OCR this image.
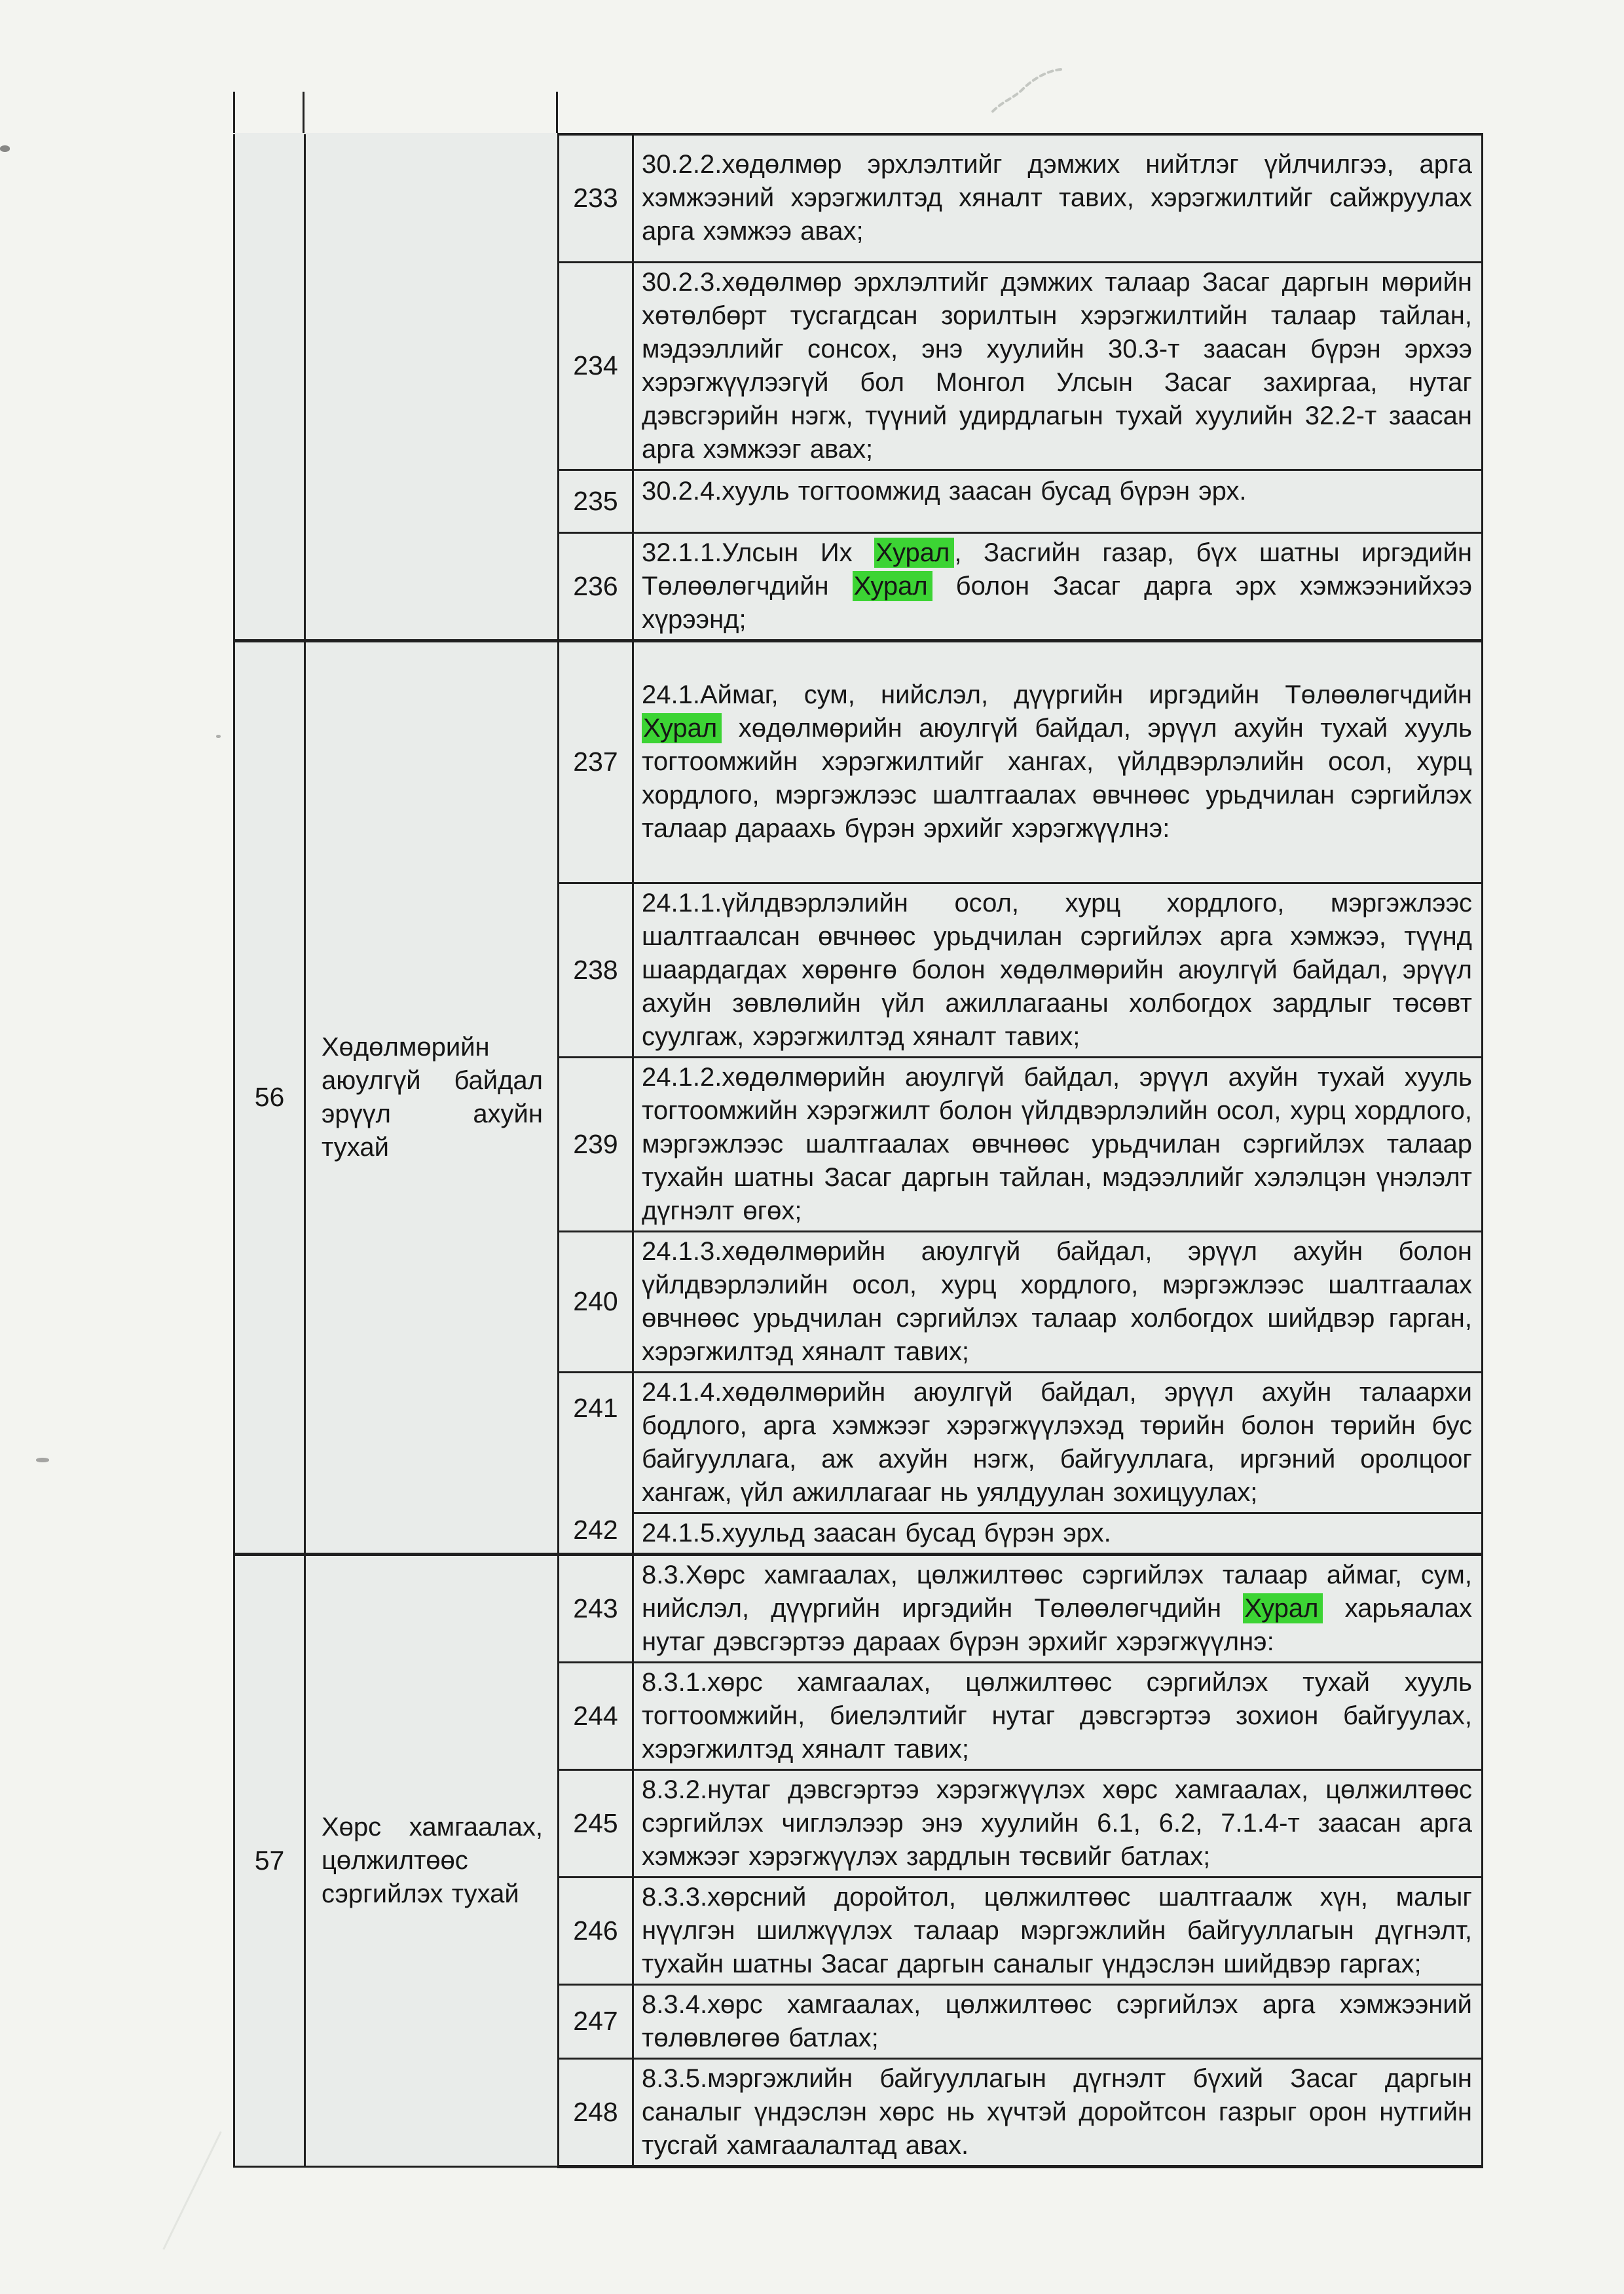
		233	30.2.2.хөдөлмөр эрхлэлтийг дэмжих нийтлэг үйлчилгээ, арга хэмжээний хэрэгжилтэд хяналт тавих, хэрэгжилтийг сайжруулах арга хэмжээ авах;
		234	30.2.3.хөдөлмөр эрхлэлтийг дэмжих талаар Засаг даргын мөрийн хөтөлбөрт тусгагдсан зорилтын хэрэгжилтийн талаар тайлан, мэдээллийг сонсох, энэ хуулийн 30.3-т заасан бүрэн эрхээ хэрэгжүүлээгүй бол Монгол Улсын Засаг захиргаа, нутаг дэвсгэрийн нэгж, түүний удирдлагын тухай хуулийн 32.2-т заасан арга хэмжээг авах;
		235	30.2.4.хууль тогтоомжид заасан бусад бүрэн эрх.
		236	32.1.1.Улсын Их Хурал , Засгийн газар, бүх шатны иргэдийн Төлөөлөгчдийн Хурал болон Засаг дарга эрх хэмжээнийхээ хүрээнд;
56	Хөдөлмөрийн аюулгүй байдал эрүүл ахуйн тухай	237	24.1.Аймаг, сум, нийслэл, дүүргийн иргэдийн Төлөөлөгчдийн Хурал хөдөлмөрийн аюулгүй байдал, эрүүл ахуйн тухай хууль тогтоомжийн хэрэгжилтийг хангах, үйлдвэрлэлийн осол, хурц хордлого, мэргэжлээс шалтгаалах өвчнөөс урьдчилан сэргийлэх талаар дараахь бүрэн эрхийг хэрэгжүүлнэ:
		238	24.1.1.үйлдвэрлэлийн осол, хурц хордлого, мэргэжлээс шалтгаалсан өвчнөөс урьдчилан сэргийлэх арга хэмжээ, түүнд шаардагдах хөрөнгө болон хөдөлмөрийн аюулгүй байдал, эрүүл ахуйн зөвлөлийн үйл ажиллагааны холбогдох зардлыг төсөвт суулгаж, хэрэгжилтэд хяналт тавих;
		239	24.1.2.хөдөлмөрийн аюулгүй байдал, эрүүл ахуйн тухай хууль тогтоомжийн хэрэгжилт болон үйлдвэрлэлийн осол, хурц хордлого, мэргэжлээс шалтгаалах өвчнөөс урьдчилан сэргийлэх талаар тухайн шатны Засаг даргын тайлан, мэдээллийг хэлэлцэн үнэлэлт дүгнэлт өгөх;
		240	24.1.3.хөдөлмөрийн аюулгүй байдал, эрүүл ахуйн болон үйлдвэрлэлийн осол, хурц хордлого, мэргэжлээс шалтгаалах өвчнөөс урьдчилан сэргийлэх талаар холбогдох шийдвэр гарган, хэрэгжилтэд хяналт тавих;
		241	24.1.4.хөдөлмөрийн аюулгүй байдал, эрүүл ахуйн талаархи бодлого, арга хэмжээг хэрэгжүүлэхэд төрийн болон төрийн бус байгууллага, аж ахуйн нэгж, байгууллага, иргэний оролцоог хангаж, үйл ажиллагааг нь уялдуулан зохицуулах;
		242	24.1.5.хуульд заасан бусад бүрэн эрх.
57	Хөрс хамгаалах, цөлжилтөөс сэргийлэх тухай	243	8.3.Хөрс хамгаалах, цөлжилтөөс сэргийлэх талаар аймаг, сум, нийслэл, дүүргийн иргэдийн Төлөөлөгчдийн Хурал харьяалах нутаг дэвсгэртээ дараах бүрэн эрхийг хэрэгжүүлнэ:
		244	8.3.1.хөрс хамгаалах, цөлжилтөөс сэргийлэх тухай хууль тогтоомжийн, биелэлтийг нутаг дэвсгэртээ зохион байгуулах, хэрэгжилтэд хяналт тавих;
		245	8.3.2.нутаг дэвсгэртээ хэрэгжүүлэх хөрс хамгаалах, цөлжилтөөс сэргийлэх чиглэлээр энэ хуулийн 6.1, 6.2, 7.1.4-т заасан арга хэмжээг хэрэгжүүлэх зардлын төсвийг батлах;
		246	8.3.3.хөрсний доройтол, цөлжилтөөс шалтгаалж хүн, малыг нүүлгэн шилжүүлэх талаар мэргэжлийн байгууллагын дүгнэлт, тухайн шатны Засаг даргын саналыг үндэслэн шийдвэр гаргах;
		247	8.3.4.хөрс хамгаалах, цөлжилтөөс сэргийлэх арга хэмжээний төлөвлөгөө батлах;
		248	8.3.5.мэргэжлийн байгууллагын дүгнэлт бүхий Засаг даргын саналыг үндэслэн хөрс нь хүчтэй доройтсон газрыг орон нутгийн тусгай хамгаалалтад авах.
